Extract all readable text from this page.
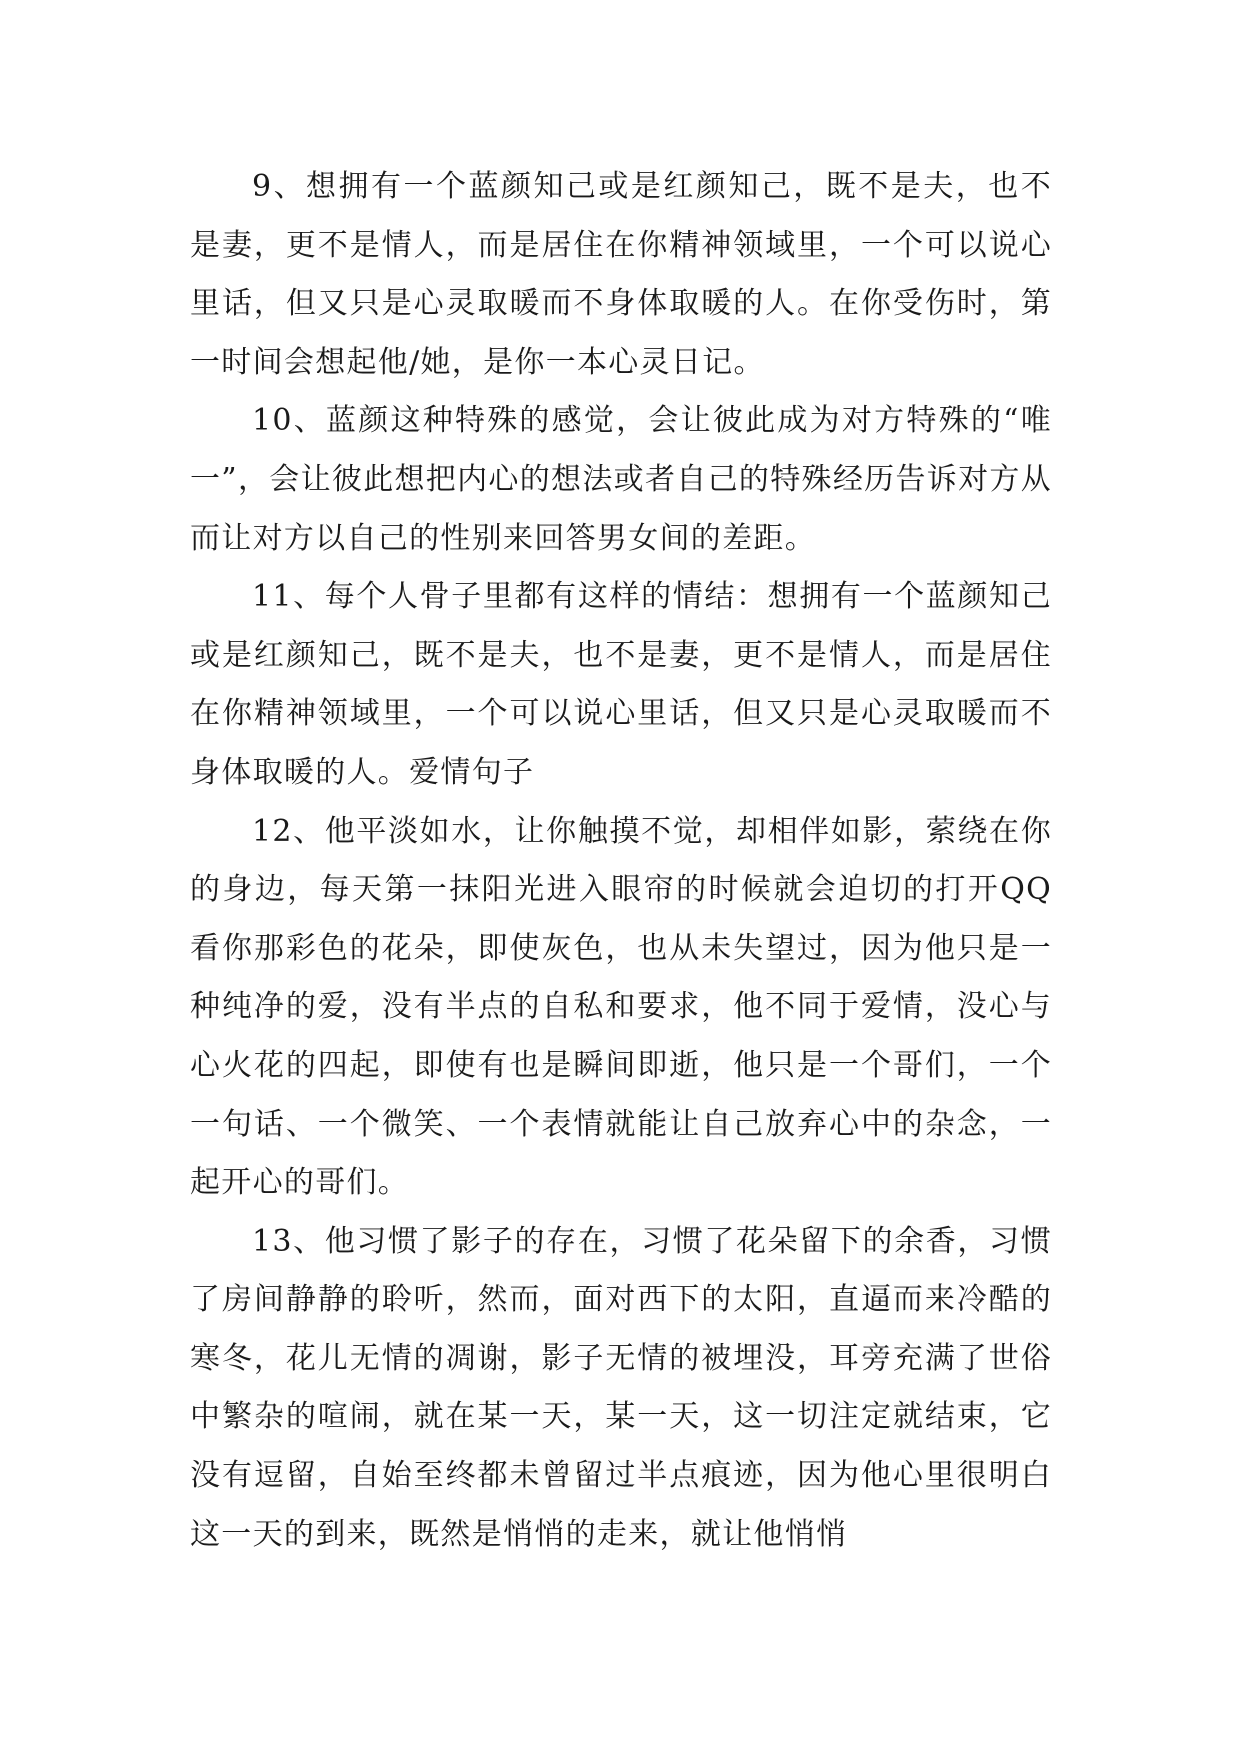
9、想拥有一个蓝颜知己或是红颜知己，既不是夫，也不是妻，更不是情人，而是居住在你精神领域里，一个可以说心里话，但又只是心灵取暖而不身体取暖的人。在你受伤时，第一时间会想起他/她，是你一本心灵日记。

10、蓝颜这种特殊的感觉，会让彼此成为对方特殊的“唯一”，会让彼此想把内心的想法或者自己的特殊经历告诉对方从而让对方以自己的性别来回答男女间的差距。

11、每个人骨子里都有这样的情结：想拥有一个蓝颜知己或是红颜知己，既不是夫，也不是妻，更不是情人，而是居住在你精神领域里，一个可以说心里话，但又只是心灵取暖而不身体取暖的人。爱情句子

12、他平淡如水，让你触摸不觉，却相伴如影，萦绕在你的身边，每天第一抹阳光进入眼帘的时候就会迫切的打开QQ 看你那彩色的花朵，即使灰色，也从未失望过，因为他只是一种纯净的爱，没有半点的自私和要求，他不同于爱情，没心与心火花的四起，即使有也是瞬间即逝，他只是一个哥们，一个一句话、一个微笑、一个表情就能让自己放弃心中的杂念，一起开心的哥们。

13、他习惯了影子的存在，习惯了花朵留下的余香，习惯了房间静静的聆听，然而，面对西下的太阳，直逼而来冷酷的寒冬，花儿无情的凋谢，影子无情的被埋没，耳旁充满了世俗中繁杂的喧闹，就在某一天，某一天，这一切注定就结束，它没有逗留，自始至终都未曾留过半点痕迹，因为他心里很明白这一天的到来，既然是悄悄的走来，就让他悄悄
